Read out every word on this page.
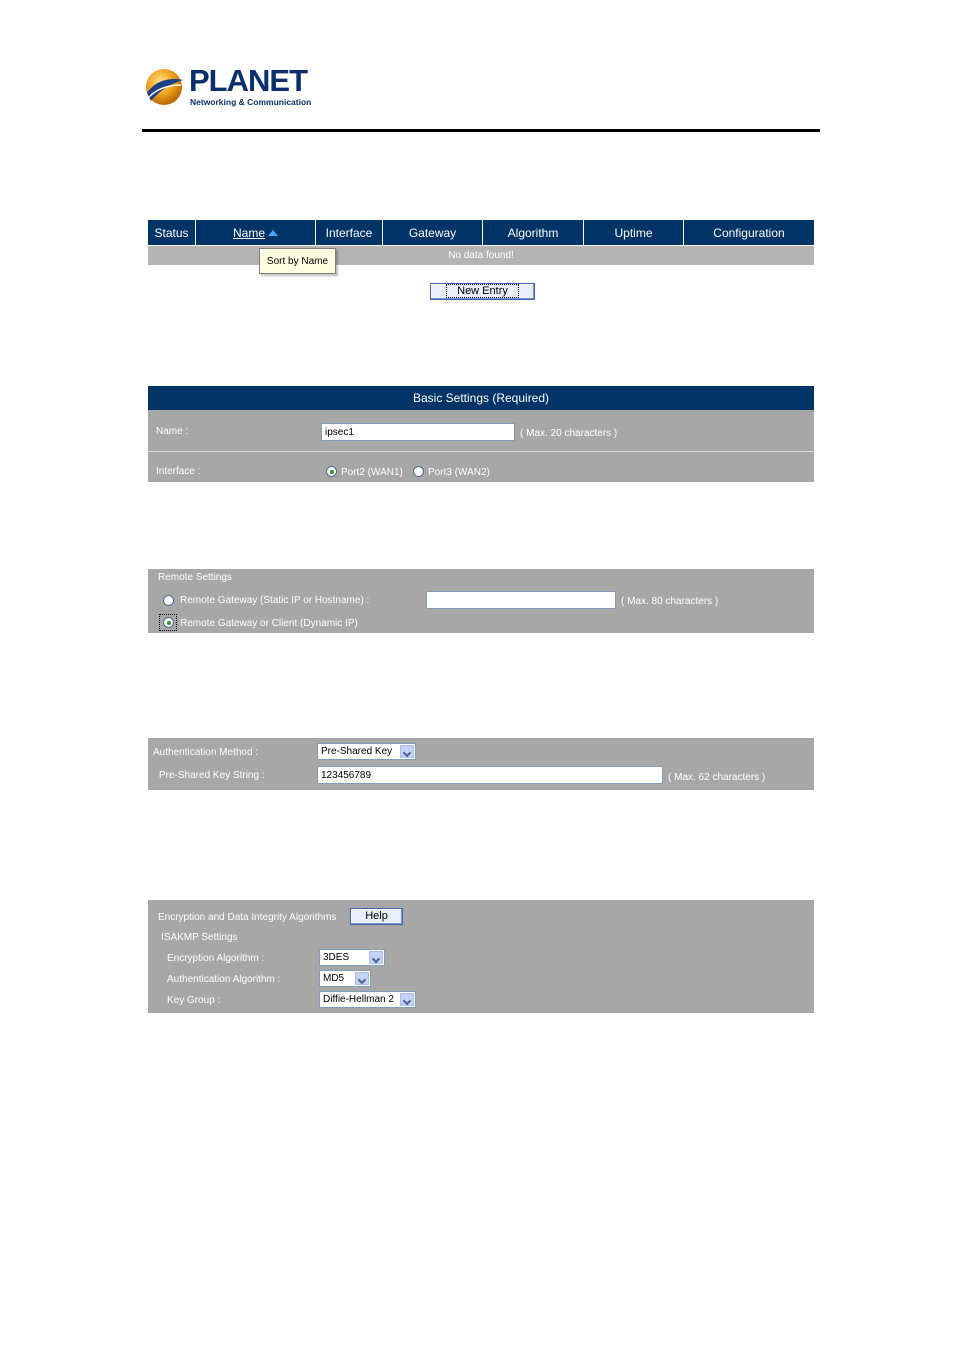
PLANET
Networking & Communication
Status	Name	Interface	Gateway	Algorithm	Uptime	Configuration
No data found!
Sort by Name
New Entry
Basic Settings (Required)
Name :
ipsec1	( Max. 20 characters )
Interface :	Port2 (WAN1)	Port3 (WAN2)
Remote Settings
Remote Gateway (Static IP or Hostname) :	( Max. 80 characters )
Remote Gateway or Client (Dynamic IP)
Authentication Method :	Pre-Shared Key
Pre-Shared Key String :
123456789	( Max. 62 characters )
Encryption and Data Integrity Algorithms	Help
ISAKMP Settings
Encryption Algorithm :	3DES
Authentication Algorithm :	MD5
Key Group :	Diffie-Hellman 2
